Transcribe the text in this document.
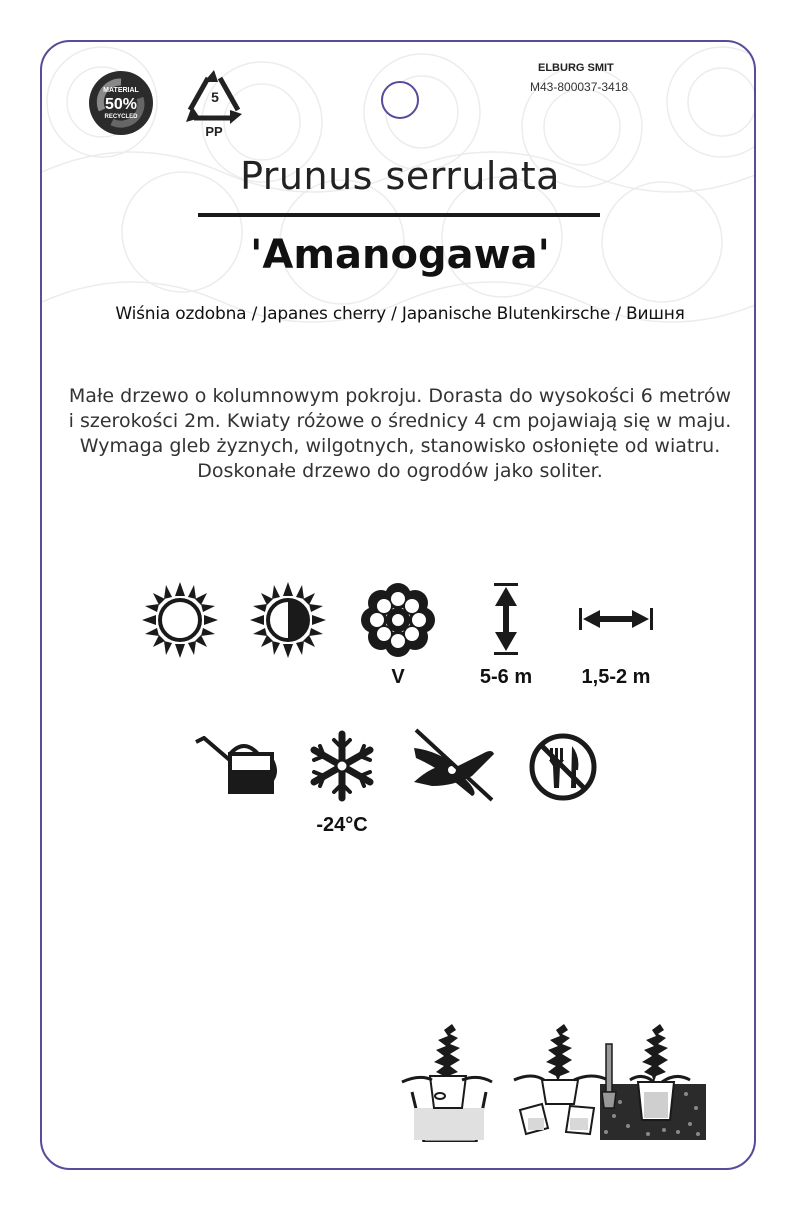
MATERIAL
50%
RECYCLED
5
PP
ELBURG SMIT
M43-800037-3418
Prunus serrulata
'Amanogawa'
Wiśnia ozdobna / Japanes cherry / Japanische Blutenkirsche / Вишня
Małe drzewo o kolumnowym pokroju. Dorasta do wysokości 6 metrów i szerokości 2m. Kwiaty różowe o średnicy 4 cm pojawiają się w maju. Wymaga gleb żyznych, wilgotnych, stanowisko osłonięte od wiatru. Doskonałe drzewo do ogrodów jako soliter.
V	5-6 m	1,5-2 m
-24°C
